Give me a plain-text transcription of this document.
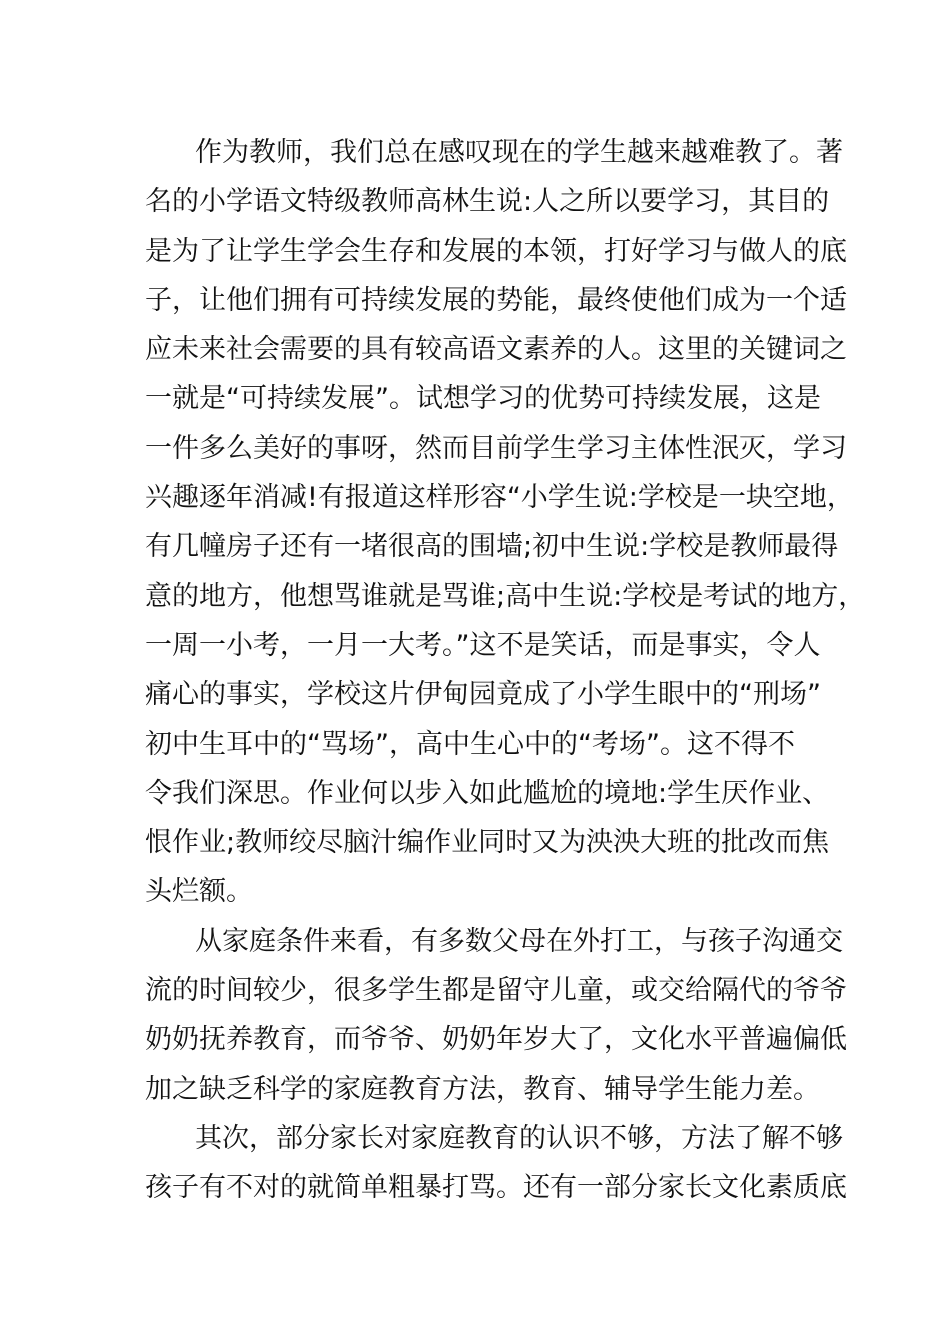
作为教师，我们总在感叹现在的学生越来越难教了。著
名的小学语文特级教师高林生说:人之所以要学习，其目的
是为了让学生学会生存和发展的本领，打好学习与做人的底
子，让他们拥有可持续发展的势能，最终使他们成为一个适
应未来社会需要的具有较高语文素养的人。这里的关键词之
一就是“可持续发展”。试想学习的优势可持续发展，这是
一件多么美好的事呀，然而目前学生学习主体性泯灭，学习
兴趣逐年消减!有报道这样形容“小学生说:学校是一块空地，
有几幢房子还有一堵很高的围墙;初中生说:学校是教师最得
意的地方，他想骂谁就是骂谁;高中生说:学校是考试的地方，
一周一小考，一月一大考。”这不是笑话，而是事实，令人
痛心的事实，学校这片伊甸园竟成了小学生眼中的“刑场”
初中生耳中的“骂场”，高中生心中的“考场”。这不得不
令我们深思。作业何以步入如此尴尬的境地:学生厌作业、
恨作业;教师绞尽脑汁编作业同时又为泱泱大班的批改而焦
头烂额。
从家庭条件来看，有多数父母在外打工，与孩子沟通交
流的时间较少，很多学生都是留守儿童，或交给隔代的爷爷
奶奶抚养教育，而爷爷、奶奶年岁大了，文化水平普遍偏低
加之缺乏科学的家庭教育方法，教育、辅导学生能力差。
其次，部分家长对家庭教育的认识不够，方法了解不够
孩子有不对的就简单粗暴打骂。还有一部分家长文化素质底
